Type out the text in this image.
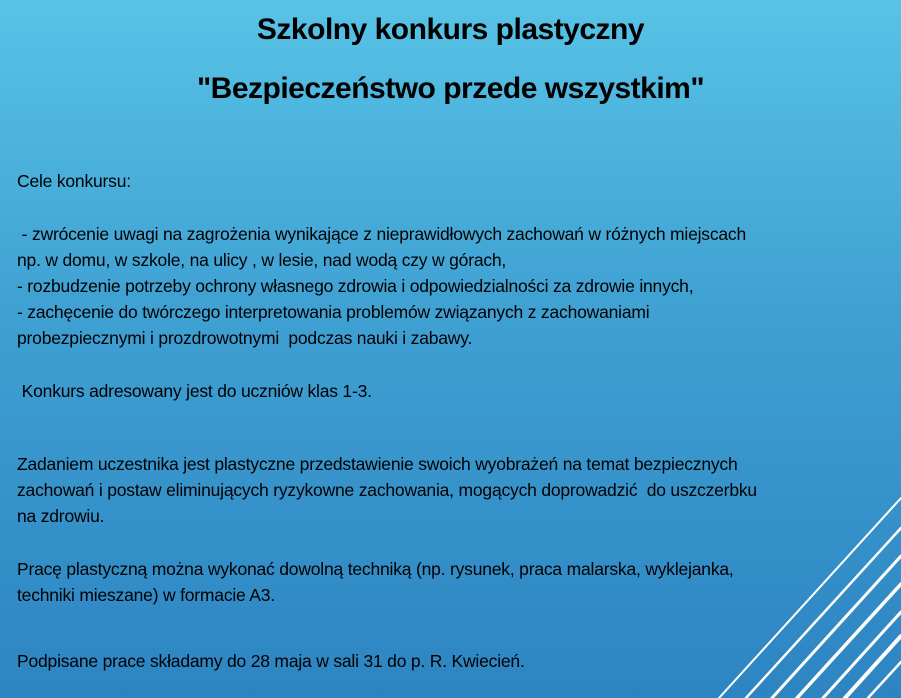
Szkolny konkurs plastyczny
"Bezpieczeństwo przede wszystkim"

Cele konkursu:

- zwrócenie uwagi na zagrożenia wynikające z nieprawidłowych zachowań w różnych miejscach

np. w domu, w szkole, na ulicy , w lesie, nad wodą czy w górach,

- rozbudzenie potrzeby ochrony własnego zdrowia i odpowiedzialności za zdrowie innych,

- zachęcenie do twórczego interpretowania problemów związanych z zachowaniami

probezpiecznymi i prozdrowotnymi  podczas nauki i zabawy.

Konkurs adresowany jest do uczniów klas 1-3.

Zadaniem uczestnika jest plastyczne przedstawienie swoich wyobrażeń na temat bezpiecznych

zachowań i postaw eliminujących ryzykowne zachowania, mogących doprowadzić  do uszczerbku

na zdrowiu.

Pracę plastyczną można wykonać dowolną techniką (np. rysunek, praca malarska, wyklejanka,

techniki mieszane) w formacie A3.

Podpisane prace składamy do 28 maja w sali 31 do p. R. Kwiecień.
